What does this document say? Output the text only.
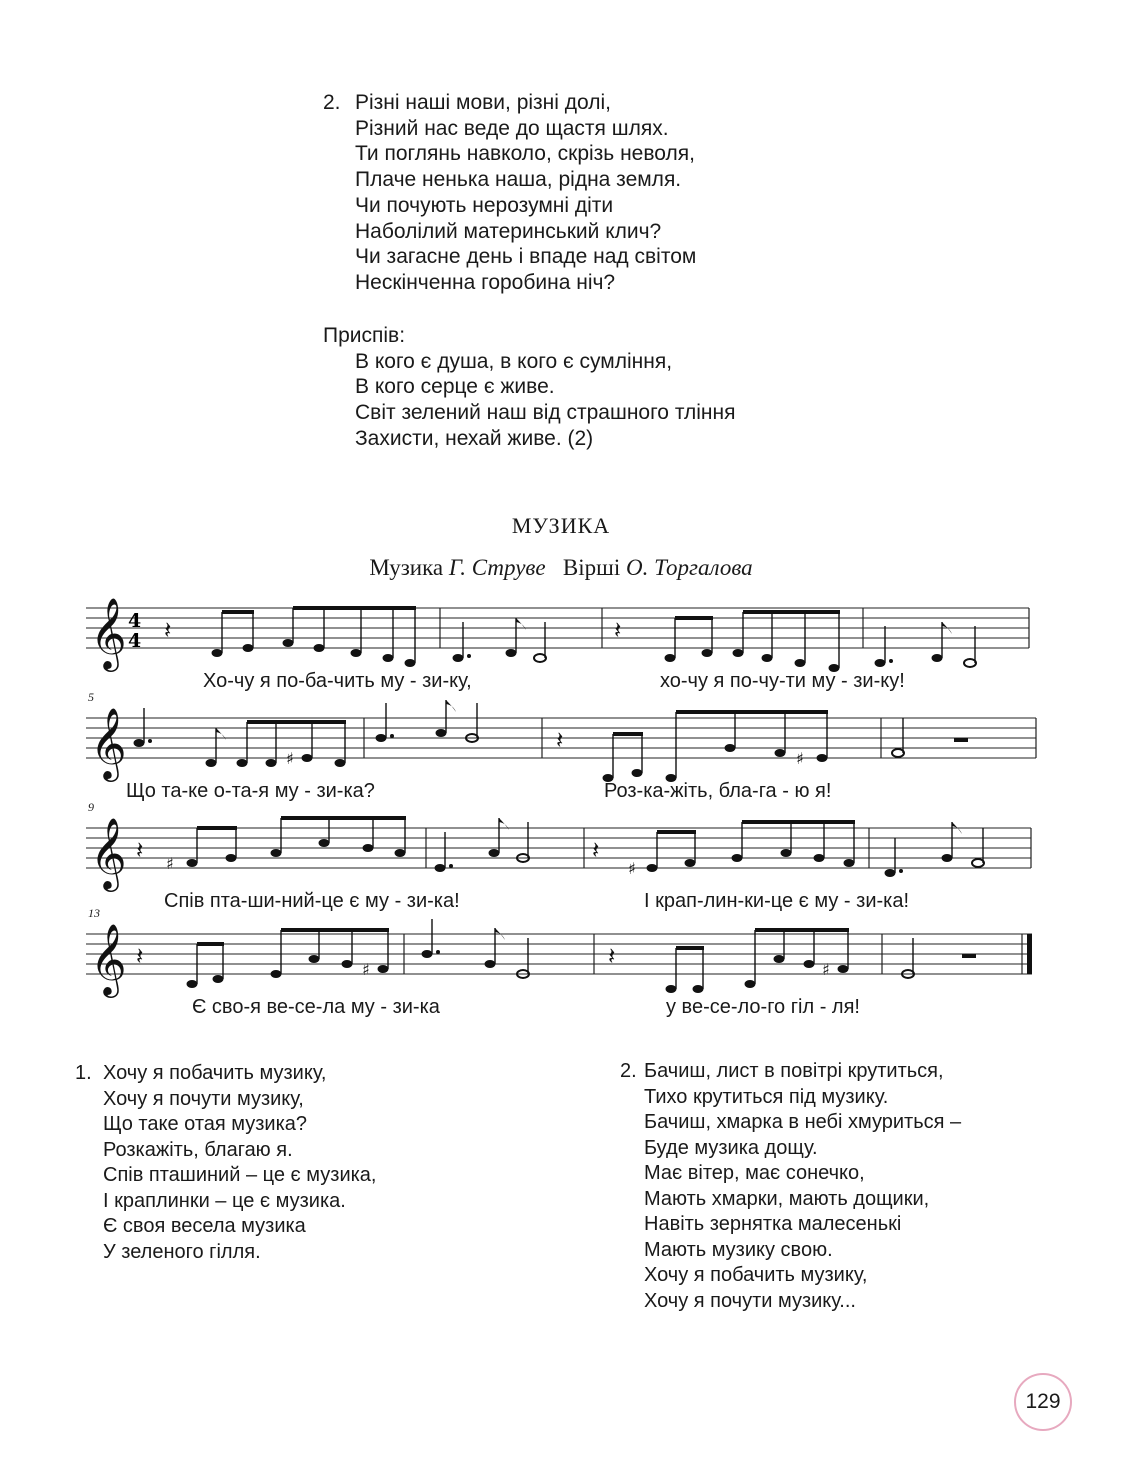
2. Різні наші мови, різні долі,
Різний нас веде до щастя шлях.
Ти поглянь навколо, скрізь неволя,
Плаче ненька наша, рідна земля.
Чи почують нерозумні діти
Наболілий материнський клич?
Чи загасне день і впаде над світом
Нескінченна горобина ніч?
Приспів:
В кого є душа, в кого є сумління,
В кого серце є живе.
Світ зелений наш від страшного тління
Захисти, нехай живе. (2)
МУЗИКА
Музика Г. Струве Вірші О. Торгалова
𝄞 4
4 𝄽	𝄽
Хо-чу я по-ба-чить му - зи-ку,	хо-чу я по-чу-ти му - зи-ку!
5
𝄞	♯
𝄽
♯
Що та-ке о-та-я му - зи-ка?	Роз-ка-жіть, бла-га - ю я!
9
𝄞 𝄽 ♯	𝄽
♯
Спів пта-ши-ний-це є му - зи-ка!	І крап-лин-ки-це є му - зи-ка!
13
𝄞 𝄽	♯	𝄽	♯
Є сво-я ве-се-ла му - зи-ка	у ве-се-ло-го гіл - ля!
1. Хочу я побачить музику,
Хочу я почути музику,
Що таке отая музика?
Розкажіть, благаю я.
Спів пташиний – це є музика,
І краплинки – це є музика.
Є своя весела музика
У зеленого гілля.
2. Бачиш, лист в повітрі крутиться,
Тихо крутиться під музику.
Бачиш, хмарка в небі хмуриться –
Буде музика дощу.
Має вітер, має сонечко,
Мають хмарки, мають дощики,
Навіть зернятка малесенькі
Мають музику свою.
Хочу я побачить музику,
Хочу я почути музику...
129
